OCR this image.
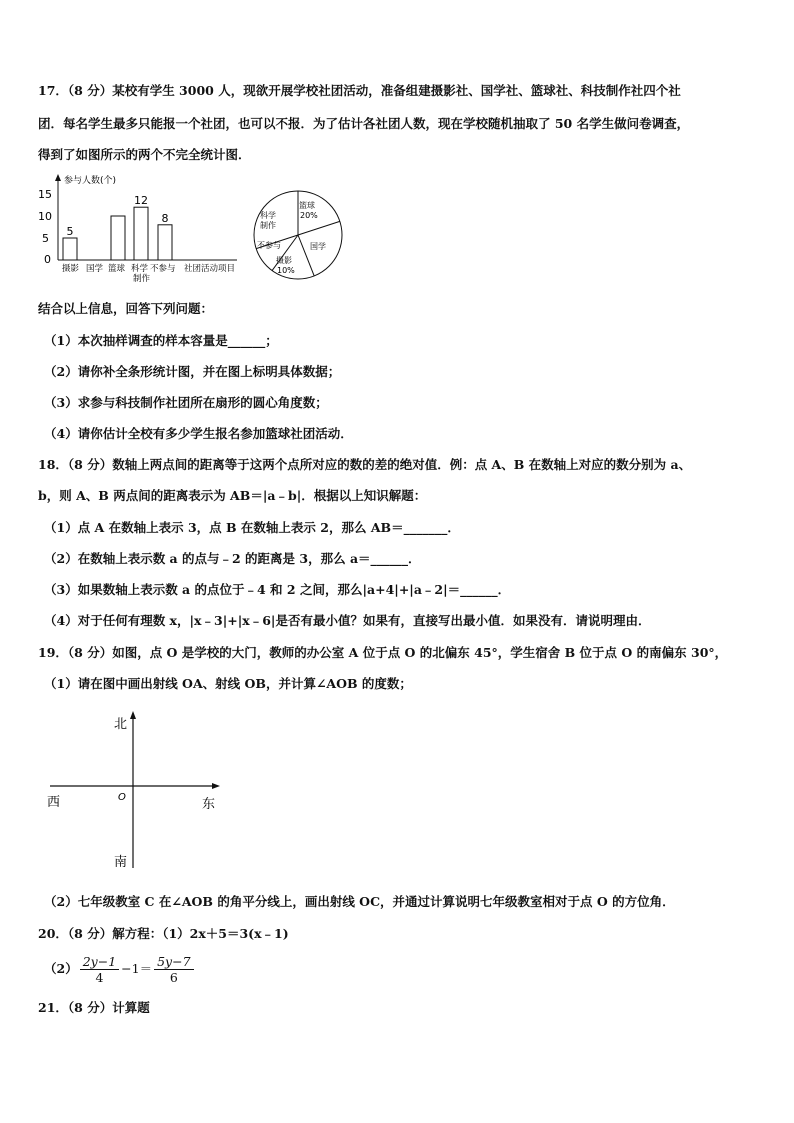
17．（8 分）某校有学生 3000 人，现欲开展学校社团活动，准备组建摄影社、国学社、篮球社、科技制作社四个社
团．每名学生最多只能报一个社团，也可以不报．为了估计各社团人数，现在学校随机抽取了 50 名学生做问卷调查，
得到了如图所示的两个不完全统计图．
参与人数(个)
15
10
5
0
5
12
8
摄影 国学 篮球 科学 制作
不参与 社团活动项目
篮球
20%
科学 制作
不参与
摄影
10%
国学
结合以上信息，回答下列问题：
（1）本次抽样调查的样本容量是______；
（2）请你补全条形统计图，并在图上标明具体数据；
（3）求参与科技制作社团所在扇形的圆心角度数；
（4）请你估计全校有多少学生报名参加篮球社团活动．
18．（8 分）数轴上两点间的距离等于这两个点所对应的数的差的绝对值．例：点 A、B 在数轴上对应的数分别为 a、
b，则 A、B 两点间的距离表示为 AB＝|a﹣b|．根据以上知识解题：
（1）点 A 在数轴上表示 3，点 B 在数轴上表示 2，那么 AB＝_______．
（2）在数轴上表示数 a 的点与﹣2 的距离是 3，那么 a＝______．
（3）如果数轴上表示数 a 的点位于﹣4 和 2 之间，那么|a+4|+|a﹣2|＝______．
（4）对于任何有理数 x，|x﹣3|+|x﹣6|是否有最小值？如果有，直接写出最小值．如果没有．请说明理由．
19．（8 分）如图，点 O 是学校的大门，教师的办公室 A 位于点 O 的北偏东 45°，学生宿舍 B 位于点 O 的南偏东 30°，
（1）请在图中画出射线 OA、射线 OB，并计算∠AOB 的度数；
北
西	O	东
南
（2）七年级教室 C 在∠AOB 的角平分线上，画出射线 OC，并通过计算说明七年级教室相对于点 O 的方位角．
20．（8 分）解方程：（1）2x＋5＝3(x﹣1)
$(2) \frac{2y-1}{4} -1= \frac{5y-7}{6}$
21．（8 分）计算题
